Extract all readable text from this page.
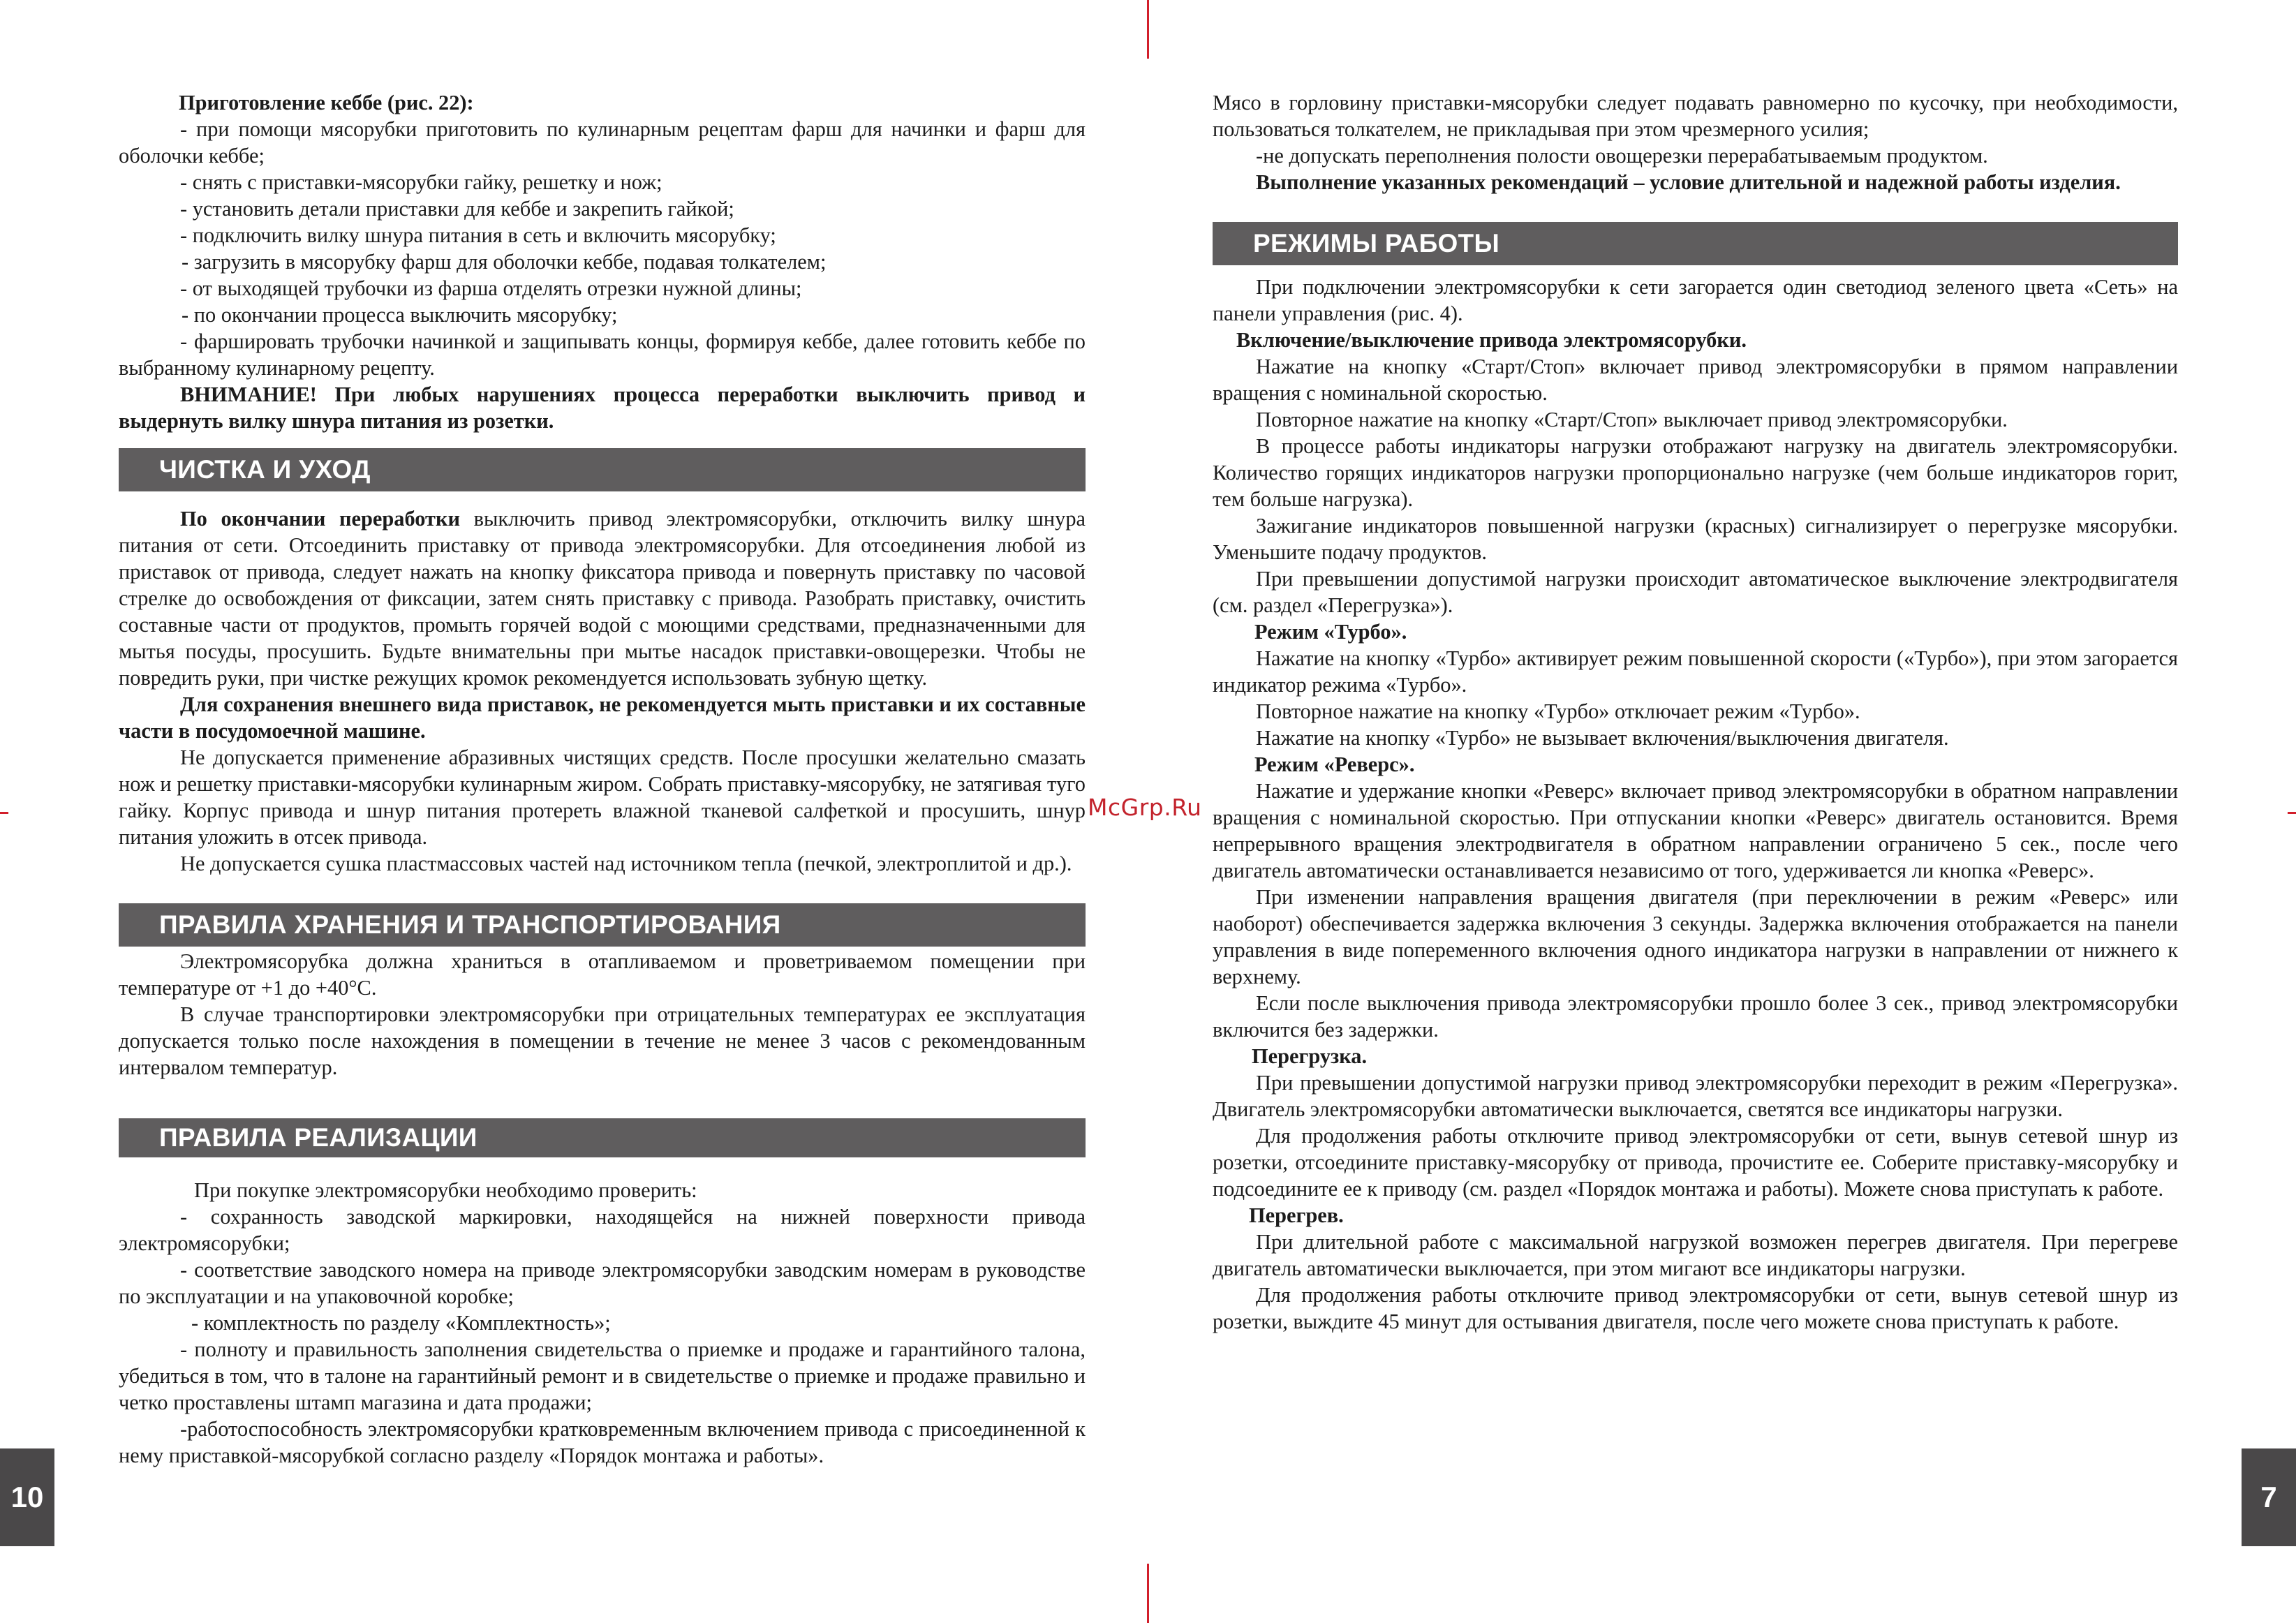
10	7
McGrp.Ru

Приготовление кеббе (рис. 22):

- при помощи мясорубки приготовить по кулинарным рецептам фарш для начинки и фарш для оболочки кеббе;

- снять с приставки-мясорубки гайку, решетку и нож;

- установить детали приставки для кеббе и закрепить гайкой;

- подключить вилку шнура питания в сеть и включить мясорубку;

- загрузить в мясорубку фарш для оболочки кеббе, подавая толкателем;

- от выходящей трубочки из фарша отделять отрезки нужной длины;

- по окончании процесса выключить мясорубку;

- фаршировать трубочки начинкой и защипывать концы, формируя кеббе, далее готовить кеббе по выбранному кулинарному рецепту.

ВНИМАНИЕ! При любых нарушениях процесса переработки выключить привод и выдернуть вилку шнура питания из розетки.

ЧИСТКА И УХОД

По окончании переработки выключить привод электромясорубки, отключить вилку шнура питания от сети. Отсоединить приставку от привода электромясорубки. Для отсоединения любой из приставок от привода, следует нажать на кнопку фиксатора привода и повернуть приставку по часовой стрелке до освобождения от фиксации, затем снять приставку с привода. Разобрать приставку, очистить составные части от продуктов, промыть горячей водой с моющими средствами, предназначенными для мытья посуды, просушить. Будьте внимательны при мытье насадок приставки-овощерезки. Чтобы не повредить руки, при чистке режущих кромок рекомендуется использовать зубную щетку.

Для сохранения внешнего вида приставок, не рекомендуется мыть приставки и их составные части в посудомоечной машине.

Не допускается применение абразивных чистящих средств. После просушки желательно смазать нож и решетку приставки-мясорубки кулинарным жиром. Собрать приставку-мясорубку, не затягивая туго гайку. Корпус привода и шнур питания протереть влажной тканевой салфеткой и просушить, шнур питания уложить в отсек привода.

Не допускается сушка пластмассовых частей над источником тепла (печкой, электроплитой и др.).

ПРАВИЛА ХРАНЕНИЯ И ТРАНСПОРТИРОВАНИЯ

Электромясорубка должна храниться в отапливаемом и проветриваемом помещении при температуре от +1 до +40°С.

В случае транспортировки электромясорубки при отрицательных температурах ее эксплуатация допускается только после нахождения в помещении в течение не менее 3 часов с рекомендованным интервалом температур.

ПРАВИЛА РЕАЛИЗАЦИИ

При покупке электромясорубки необходимо проверить:

- сохранность заводской маркировки, находящейся на нижней поверхности привода электромясорубки;

- соответствие заводского номера на приводе электромясорубки заводским номерам в руководстве по эксплуатации и на упаковочной коробке;

- комплектность по разделу «Комплектность»;

- полноту и правильность заполнения свидетельства о приемке и продаже и гарантийного талона, убедиться в том, что в талоне на гарантийный ремонт и в свидетельстве о приемке и продаже правильно и четко проставлены штамп магазина и дата продажи;

-работоспособность электромясорубки кратковременным включением привода с присоединенной к нему приставкой-мясорубкой согласно разделу «Порядок монтажа и работы».

Мясо в горловину приставки-мясорубки следует подавать равномерно по кусочку, при необходимости, пользоваться толкателем, не прикладывая при этом чрезмерного усилия;

-не допускать переполнения полости овощерезки перерабатываемым продуктом.

Выполнение указанных рекомендаций – условие длительной и надежной работы изделия.

РЕЖИМЫ РАБОТЫ

При подключении электромясорубки к сети загорается один светодиод зеленого цвета «Сеть» на панели управления (рис. 4).

Включение/выключение привода электромясорубки.

Нажатие на кнопку «Старт/Стоп» включает привод электромясорубки в прямом направлении вращения с номинальной скоростью.

Повторное нажатие на кнопку «Старт/Стоп» выключает привод электромясорубки.

В процессе работы индикаторы нагрузки отображают нагрузку на двигатель электромясорубки. Количество горящих индикаторов нагрузки пропорционально нагрузке (чем больше индикаторов горит, тем больше нагрузка).

Зажигание индикаторов повышенной нагрузки (красных) сигнализирует о перегрузке мясорубки. Уменьшите подачу продуктов.

При превышении допустимой нагрузки происходит автоматическое выключение электродвигателя (см. раздел «Перегрузка»).

Режим «Турбо».

Нажатие на кнопку «Турбо» активирует режим повышенной скорости («Турбо»), при этом загорается индикатор режима «Турбо».

Повторное нажатие на кнопку «Турбо» отключает режим «Турбо».

Нажатие на кнопку «Турбо» не вызывает включения/выключения двигателя.

Режим «Реверс».

Нажатие и удержание кнопки «Реверс» включает привод электромясорубки в обратном направлении вращения с номинальной скоростью. При отпускании кнопки «Реверс» двигатель остановится. Время непрерывного вращения электродвигателя в обратном направлении ограничено 5 сек., после чего двигатель автоматически останавливается независимо от того, удерживается ли кнопка «Реверс».

При изменении направления вращения двигателя (при переключении в режим «Реверс» или наоборот) обеспечивается задержка включения 3 секунды. Задержка включения отображается на панели управления в виде попеременного включения одного индикатора нагрузки в направлении от нижнего к верхнему.

Если после выключения привода электромясорубки прошло более 3 сек., привод электромясорубки включится без задержки.

Перегрузка.

При превышении допустимой нагрузки привод электромясорубки переходит в режим «Перегрузка». Двигатель электромясорубки автоматически выключается, светятся все индикаторы нагрузки.

Для продолжения работы отключите привод электромясорубки от сети, вынув сетевой шнур из розетки, отсоедините приставку-мясорубку от привода, прочистите ее. Соберите приставку-мясорубку и подсоедините ее к приводу (см. раздел «Порядок монтажа и работы). Можете снова приступать к работе.

Перегрев.

При длительной работе с максимальной нагрузкой возможен перегрев двигателя. При перегреве двигатель автоматически выключается, при этом мигают все индикаторы нагрузки.

Для продолжения работы отключите привод электромясорубки от сети, вынув сетевой шнур из розетки, выждите 45 минут для остывания двигателя, после чего можете снова приступать к работе.
